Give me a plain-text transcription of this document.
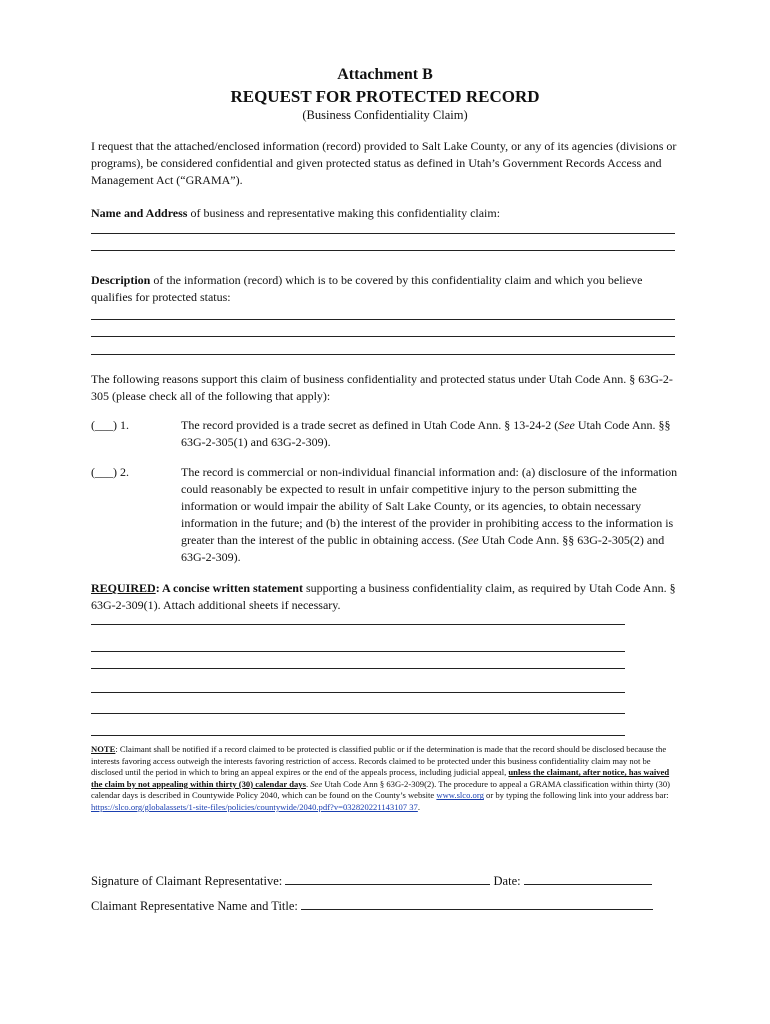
Attachment B
REQUEST FOR PROTECTED RECORD
(Business Confidentiality Claim)
I request that the attached/enclosed information (record) provided to Salt Lake County, or any of its agencies (divisions or programs), be considered confidential and given protected status as defined in Utah’s Government Records Access and Management Act (“GRAMA”).
Name and Address of business and representative making this confidentiality claim:
Description of the information (record) which is to be covered by this confidentiality claim and which you believe qualifies for protected status:
The following reasons support this claim of business confidentiality and protected status under Utah Code Ann. § 63G-2-305 (please check all of the following that apply):
(___) 1.	The record provided is a trade secret as defined in Utah Code Ann. § 13-24-2 (See Utah Code Ann. §§ 63G-2-305(1) and 63G-2-309).
(___) 2.	The record is commercial or non-individual financial information and: (a) disclosure of the information could reasonably be expected to result in unfair competitive injury to the person submitting the information or would impair the ability of Salt Lake County, or its agencies, to obtain necessary information in the future; and (b) the interest of the provider in prohibiting access to the information is greater than the interest of the public in obtaining access. (See Utah Code Ann. §§ 63G-2-305(2) and 63G-2-309).
REQUIRED: A concise written statement supporting a business confidentiality claim, as required by Utah Code Ann. § 63G-2-309(1). Attach additional sheets if necessary.
NOTE: Claimant shall be notified if a record claimed to be protected is classified public or if the determination is made that the record should be disclosed because the interests favoring access outweigh the interests favoring restriction of access. Records claimed to be protected under this business confidentiality claim may not be disclosed until the period in which to bring an appeal expires or the end of the appeals process, including judicial appeal, unless the claimant, after notice, has waived the claim by not appealing within thirty (30) calendar days. See Utah Code Ann § 63G-2-309(2). The procedure to appeal a GRAMA classification within thirty (30) calendar days is described in Countywide Policy 2040, which can be found on the County’s website www.slco.org or by typing the following link into your address bar: https://slco.org/globalassets/1-site-files/policies/countywide/2040.pdf?v=032820221143107 37.
Signature of Claimant Representative:	Date:
Claimant Representative Name and Title:
